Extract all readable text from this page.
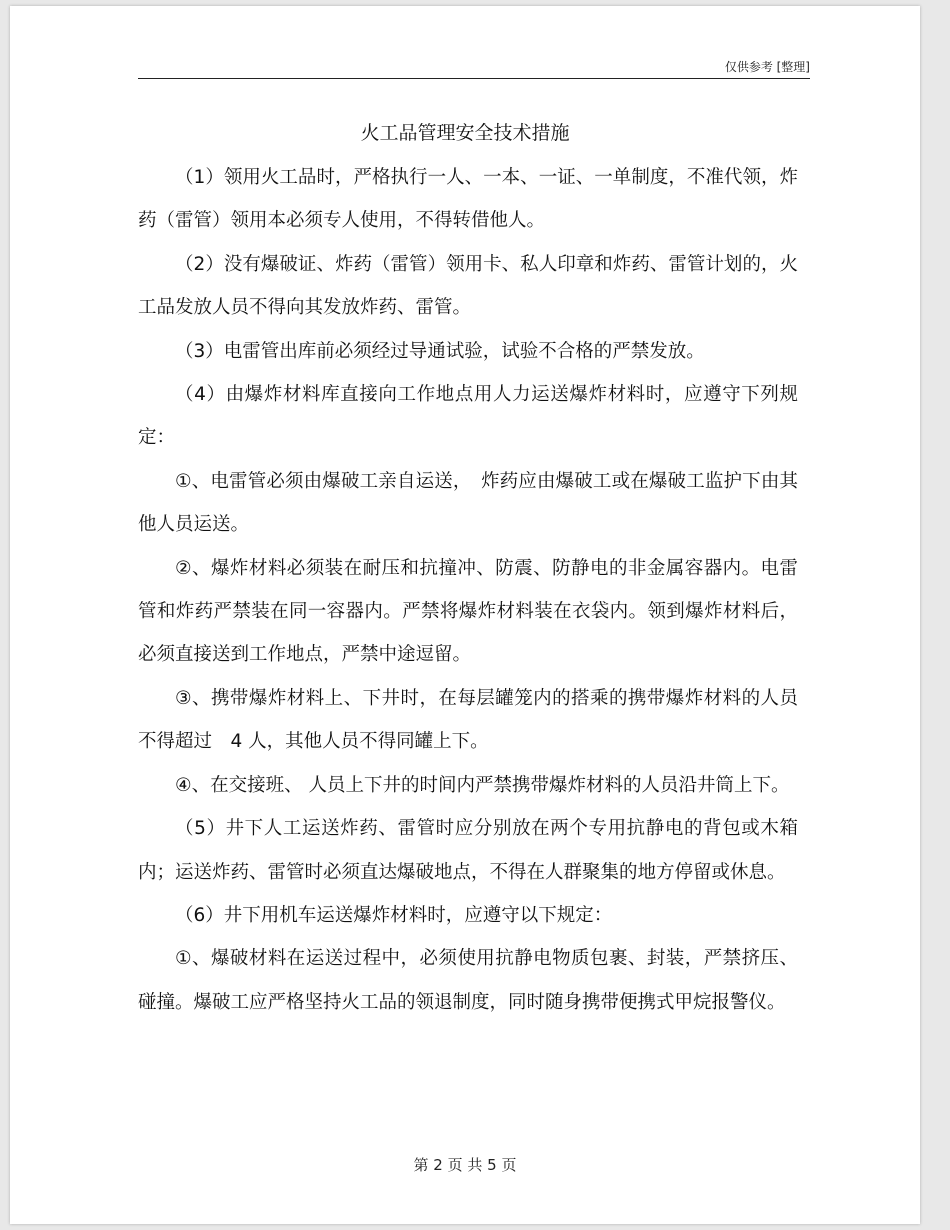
仅供参考 [整理]
火工品管理安全技术措施

（1）领用火工品时，严格执行一人、一本、一证、一单制度，不准代领，炸药（雷管）领用本必须专人使用，不得转借他人。

（2）没有爆破证、炸药（雷管）领用卡、私人印章和炸药、雷管计划的，火工品发放人员不得向其发放炸药、雷管。

（3）电雷管出库前必须经过导通试验，试验不合格的严禁发放。

（4）由爆炸材料库直接向工作地点用人力运送爆炸材料时，应遵守下列规定：

①、电雷管必须由爆破工亲自运送，　炸药应由爆破工或在爆破工监护下由其他人员运送。

②、爆炸材料必须装在耐压和抗撞冲、防震、防静电的非金属容器内。电雷管和炸药严禁装在同一容器内。严禁将爆炸材料装在衣袋内。领到爆炸材料后，必须直接送到工作地点，严禁中途逗留。

③、携带爆炸材料上、下井时，在每层罐笼内的搭乘的携带爆炸材料的人员不得超过　4 人，其他人员不得同罐上下。

④、在交接班、 人员上下井的时间内严禁携带爆炸材料的人员沿井筒上下。

（5）井下人工运送炸药、雷管时应分别放在两个专用抗静电的背包或木箱内；运送炸药、雷管时必须直达爆破地点，不得在人群聚集的地方停留或休息。

（6）井下用机车运送爆炸材料时，应遵守以下规定：

①、爆破材料在运送过程中，必须使用抗静电物质包裹、封装，严禁挤压、碰撞。爆破工应严格坚持火工品的领退制度，同时随身携带便携式甲烷报警仪。

第 2 页 共 5 页
